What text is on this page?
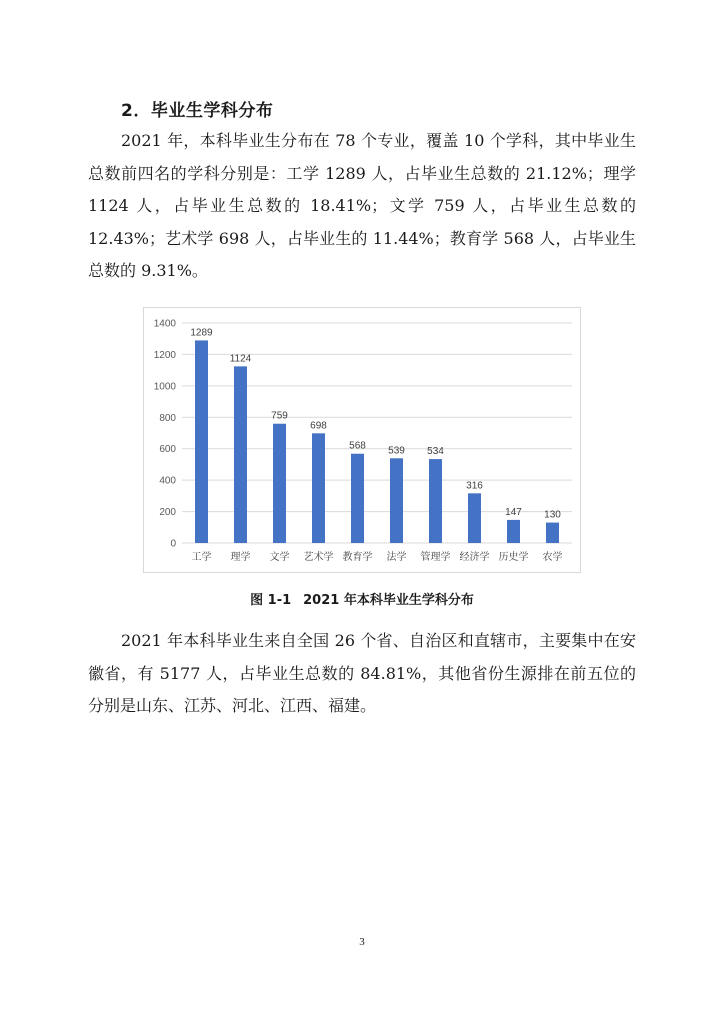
2．毕业生学科分布

2021 年，本科毕业生分布在 78 个专业，覆盖 10 个学科，其中毕业生总数前四名的学科分别是：工学 1289 人，占毕业生总数的 21.12%；理学 1124 人，占毕业生总数的 18.41%；文学 759 人，占毕业生总数的 12.43%；艺术学 698 人，占毕业生的 11.44%；教育学 568 人，占毕业生总数的 9.31%。

0
200
400
600
800
1000
1200
1400
1289
工学
1124
理学
759
文学
698
艺术学
568
教育学
539
法学
534
管理学
316
经济学
147
历史学
130
农学
图 1-1 2021 年本科毕业生学科分布

2021 年本科毕业生来自全国 26 个省、自治区和直辖市，主要集中在安徽省，有 5177 人，占毕业生总数的 84.81%，其他省份生源排在前五位的分别是山东、江苏、河北、江西、福建。

3
